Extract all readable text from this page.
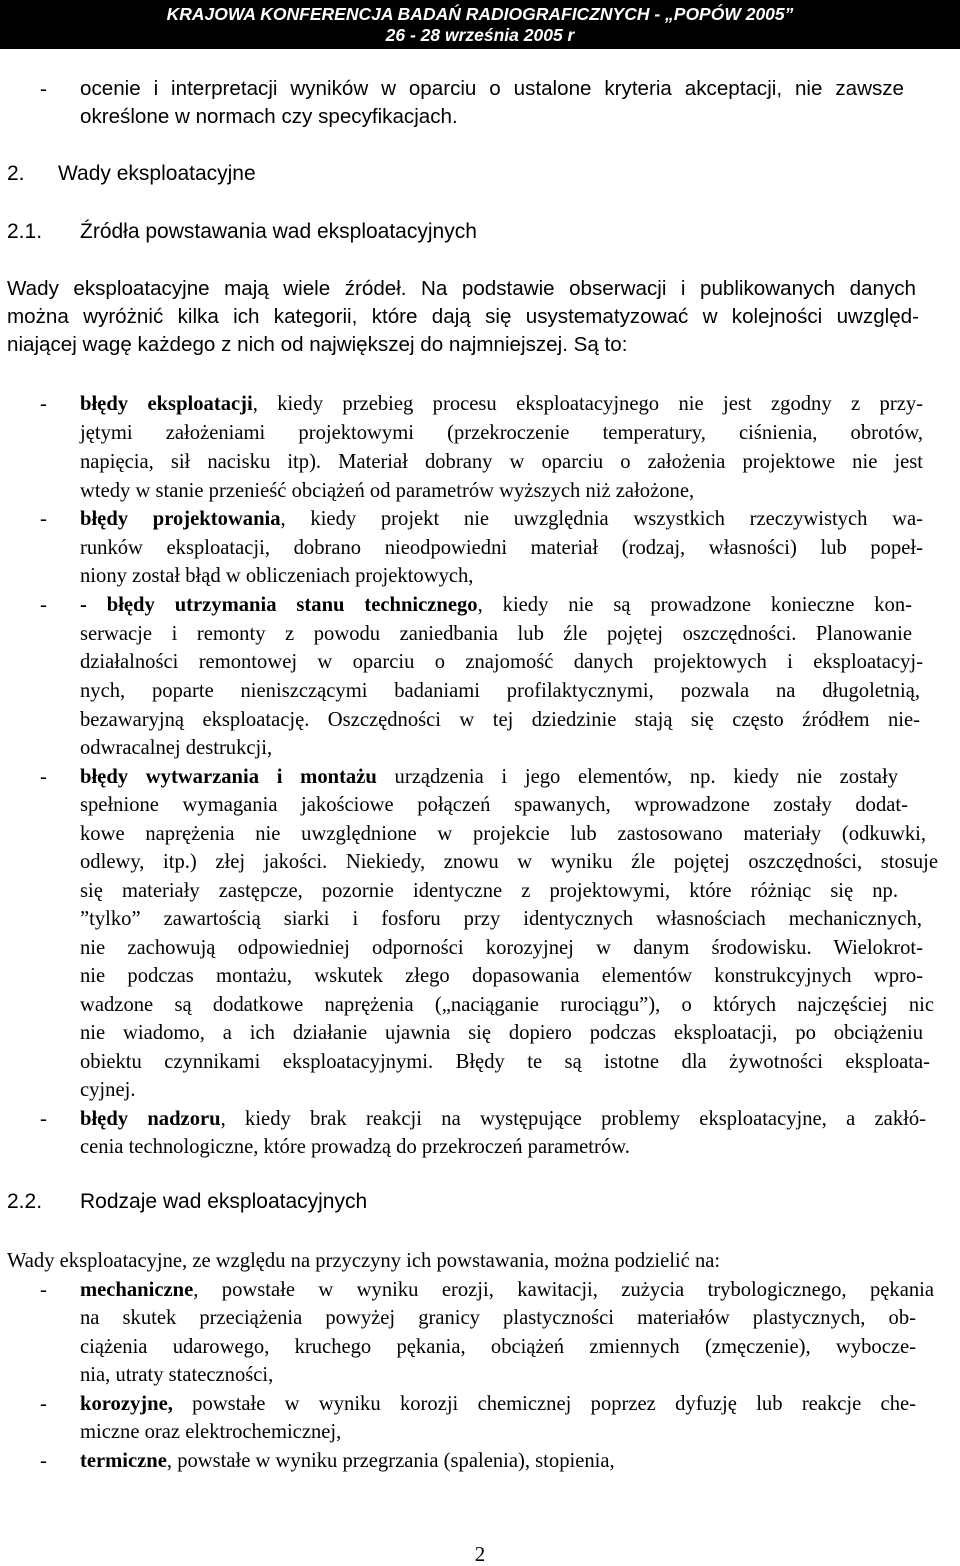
KRAJOWA KONFERENCJA BADAŃ RADIOGRAFICZNYCH - „POPÓW 2005”
26 - 28 września 2005 r
- ocenie i interpretacji wyników w oparciu o ustalone kryteria akceptacji, nie zawsze
określone w normach czy specyfikacjach.
2. Wady eksploatacyjne
2.1. Źródła powstawania wad eksploatacyjnych
Wady eksploatacyjne mają wiele źródeł. Na podstawie obserwacji i publikowanych danych
można wyróżnić kilka ich kategorii, które dają się usystematyzować w kolejności uwzględ-
niającej wagę każdego z nich od największej do najmniejszej. Są to:
- błędy eksploatacji, kiedy przebieg procesu eksploatacyjnego nie jest zgodny z przy-
jętymi założeniami projektowymi (przekroczenie temperatury, ciśnienia, obrotów,
napięcia, sił nacisku itp). Materiał dobrany w oparciu o założenia projektowe nie jest
wtedy w stanie przenieść obciążeń od parametrów wyższych niż założone,
- błędy projektowania, kiedy projekt nie uwzględnia wszystkich rzeczywistych wa-
runków eksploatacji, dobrano nieodpowiedni materiał (rodzaj, własności) lub popeł-
niony został błąd w obliczeniach projektowych,
- - błędy utrzymania stanu technicznego, kiedy nie są prowadzone konieczne kon-
serwacje i remonty z powodu zaniedbania lub źle pojętej oszczędności. Planowanie
działalności remontowej w oparciu o znajomość danych projektowych i eksploatacyj-
nych, poparte nieniszczącymi badaniami profilaktycznymi, pozwala na długoletnią,
bezawaryjną eksploatację. Oszczędności w tej dziedzinie stają się często źródłem nie-
odwracalnej destrukcji,
- błędy wytwarzania i montażu urządzenia i jego elementów, np. kiedy nie zostały
spełnione wymagania jakościowe połączeń spawanych, wprowadzone zostały dodat-
kowe naprężenia nie uwzględnione w projekcie lub zastosowano materiały (odkuwki,
odlewy, itp.) złej jakości. Niekiedy, znowu w wyniku źle pojętej oszczędności, stosuje
się materiały zastępcze, pozornie identyczne z projektowymi, które różniąc się np.
”tylko” zawartością siarki i fosforu przy identycznych własnościach mechanicznych,
nie zachowują odpowiedniej odporności korozyjnej w danym środowisku. Wielokrot-
nie podczas montażu, wskutek złego dopasowania elementów konstrukcyjnych wpro-
wadzone są dodatkowe naprężenia („naciąganie rurociągu”), o których najczęściej nic
nie wiadomo, a ich działanie ujawnia się dopiero podczas eksploatacji, po obciążeniu
obiektu czynnikami eksploatacyjnymi. Błędy te są istotne dla żywotności eksploata-
cyjnej.
- błędy nadzoru, kiedy brak reakcji na występujące problemy eksploatacyjne, a zakłó-
cenia technologiczne, które prowadzą do przekroczeń parametrów.
2.2. Rodzaje wad eksploatacyjnych
Wady eksploatacyjne, ze względu na przyczyny ich powstawania, można podzielić na:
- mechaniczne, powstałe w wyniku erozji, kawitacji, zużycia trybologicznego, pękania
na skutek przeciążenia powyżej granicy plastyczności materiałów plastycznych, ob-
ciążenia udarowego, kruchego pękania, obciążeń zmiennych (zmęczenie), wybocze-
nia, utraty stateczności,
- korozyjne, powstałe w wyniku korozji chemicznej poprzez dyfuzję lub reakcje che-
miczne oraz elektrochemicznej,
- termiczne, powstałe w wyniku przegrzania (spalenia), stopienia,
2
